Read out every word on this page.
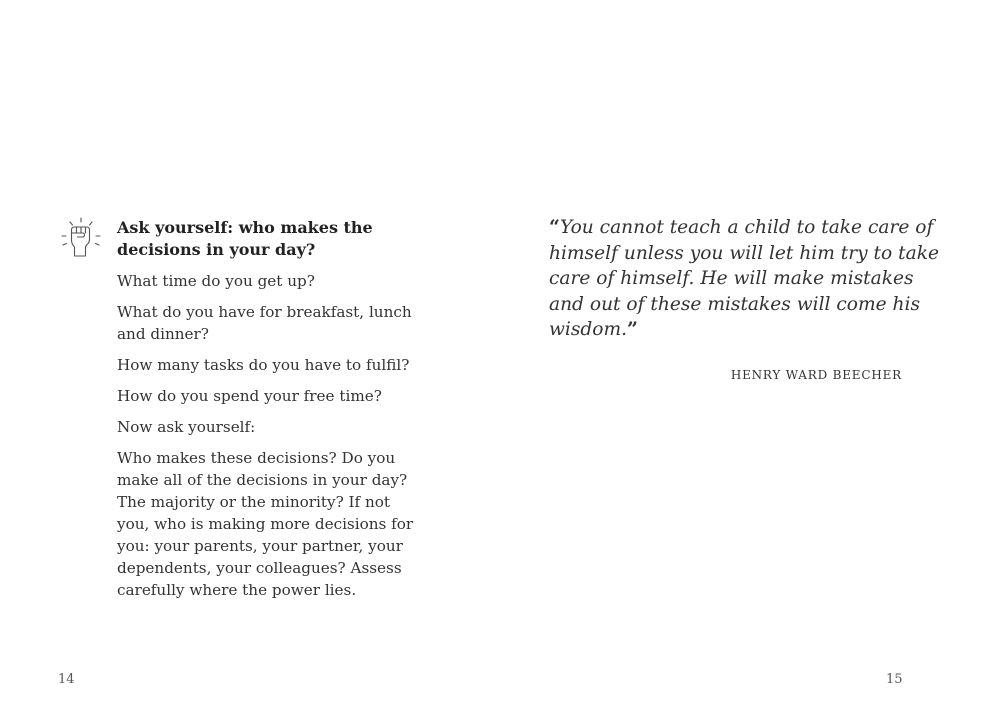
Ask yourself: who makes the decisions in your day?

What time do you get up?

What do you have for breakfast, lunch and dinner?

How many tasks do you have to fulfil?

How do you spend your free time?

Now ask yourself:

Who makes these decisions? Do you make all of the decisions in your day? The majority or the minority? If not you, who is making more decisions for you: your parents, your partner, your dependents, your colleagues? Assess carefully where the power lies.

14

“You cannot teach a child to take care of himself unless you will let him try to take care of himself. He will make mistakes and out of these mistakes will come his wisdom.”

HENRY WARD BEECHER
15
